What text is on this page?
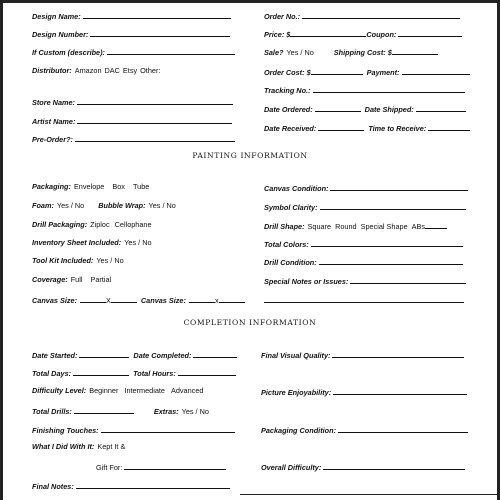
Design Name:
Design Number:
If Custom (describe):
Distributor: Amazon DAC Etsy Other:
Store Name:
Artist Name:
Pre-Order?:
Order No.:
Price: $	Coupon:
Sale? Yes / No	Shipping Cost: $
Order Cost: $	Payment:
Tracking No.:
Date Ordered:	Date Shipped:
Date Received:	Time to Receive:
PAINTING INFORMATION
Packaging: Envelope Box Tube
Foam: Yes / No Bubble Wrap: Yes / No
Drill Packaging: Ziploc Cellophane
Inventory Sheet Included: Yes / No
Tool Kit Included: Yes / No
Coverage: Full Partial
Canvas Size:	X	Canvas Size:	x
Canvas Condition:
Symbol Clarity:
Drill Shape: Square Round Special Shape ABs
Total Colors:
Drill Condition:
Special Notes or Issues:
COMPLETION INFORMATION
Date Started:	Date Completed:
Total Days:	Total Hours:
Difficulty Level: Beginner Intermediate Advanced
Total Drills:	Extras: Yes / No
Finishing Touches:
What I Did With It: Kept It &
Gift For:
Final Notes:
Final Visual Quality:
Picture Enjoyability:
Packaging Condition:
Overall Difficulty:
